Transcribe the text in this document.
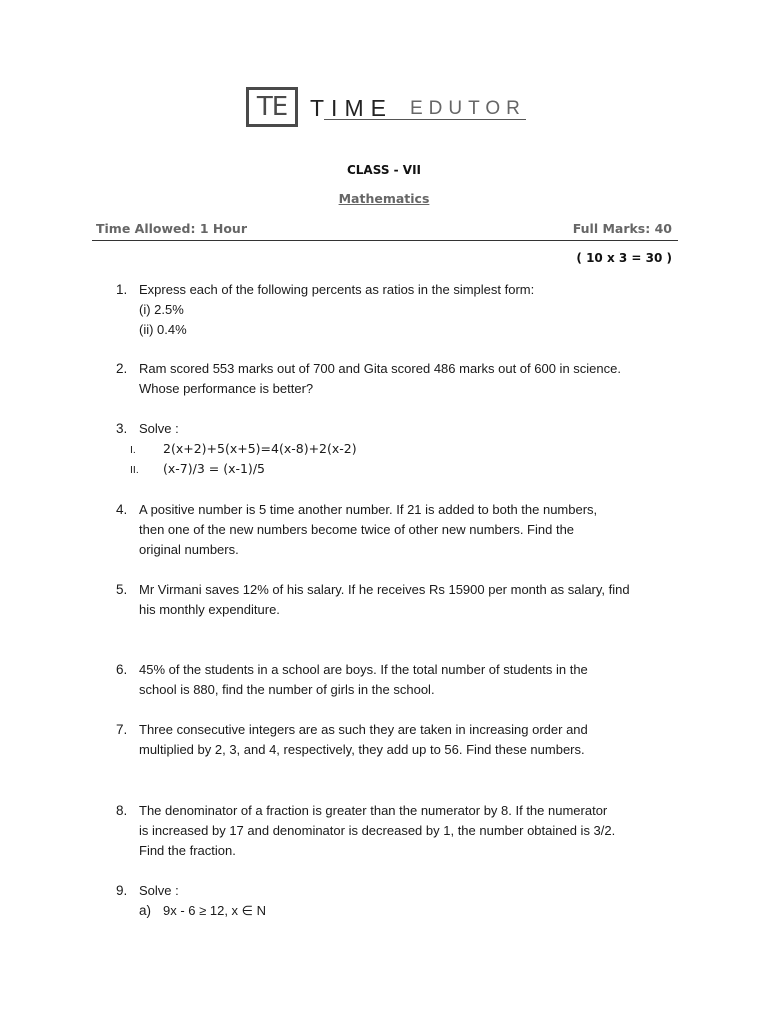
TE TIME EDUTOR
CLASS - VII
Mathematics
Time Allowed: 1 Hour	Full Marks: 40
( 10 x 3 = 30 )
1. Express each of the following percents as ratios in the simplest form:
(i) 2.5%
(ii) 0.4%
2. Ram scored 553 marks out of 700 and Gita scored 486 marks out of 600 in science.
Whose performance is better?
3. Solve :
I. 2(x+2)+5(x+5)=4(x-8)+2(x-2)
II. (x-7)/3 = (x-1)/5
4. A positive number is 5 time another number. If 21 is added to both the numbers,
then one of the new numbers become twice of other new numbers. Find the
original numbers.
5. Mr Virmani saves 12% of his salary. If he receives Rs 15900 per month as salary, find
his monthly expenditure.
6. 45% of the students in a school are boys. If the total number of students in the
school is 880, find the number of girls in the school.
7. Three consecutive integers are as such they are taken in increasing order and
multiplied by 2, 3, and 4, respectively, they add up to 56. Find these numbers.
8. The denominator of a fraction is greater than the numerator by 8. If the numerator
is increased by 17 and denominator is decreased by 1, the number obtained is 3/2.
Find the fraction.
9. Solve :
a) 9x - 6 ≥ 12, x ∈ N
